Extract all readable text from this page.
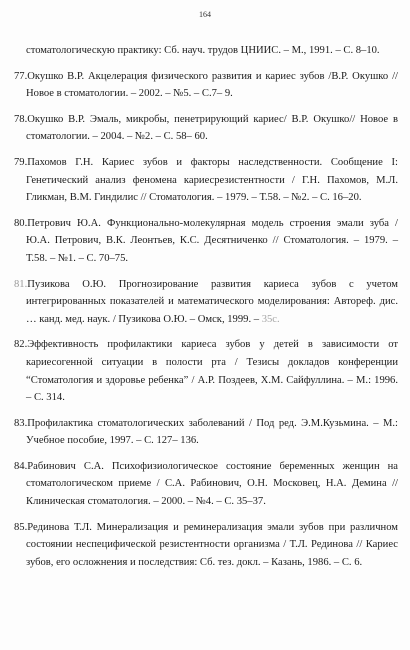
164

стоматологическую практику: Сб. науч. трудов ЦНИИС. – М., 1991. – С. 8–10.

77.Окушко В.Р. Акцелерация физического развития и кариес зубов /В.Р. Окушко // Новое в стоматологии. – 2002. – №5. – С.7– 9.

78.Окушко В.Р. Эмаль, микробы, пенетрирующий кариес/ В.Р. Окушко// Новое в стоматологии. – 2004. – №2. – С. 58– 60.

79.Пахомов Г.Н. Кариес зубов и факторы наследственности. Сообщение I: Генетический анализ феномена кариесрезистентности / Г.Н. Пахомов, М.Л. Гликман, В.М. Гиндилис // Стоматология. – 1979. – Т.58. – №2. – С. 16–20.

80.Петрович Ю.А. Функционально-молекулярная модель строения эмали зуба / Ю.А. Петрович, В.К. Леонтьев, К.С. Десятниченко // Стоматология. – 1979. – Т.58. – №1. – С. 70–75.

81.Пузикова О.Ю. Прогнозирование развития кариеса зубов с учетом интегрированных показателей и математического моделирования: Автореф. дис. … канд. мед. наук. / Пузикова О.Ю. – Омск, 1999. – 35с.

82.Эффективность профилактики кариеса зубов у детей в зависимости от кариесогенной ситуации в полости рта / Тезисы докладов конференции “Стоматология и здоровье ребенка” / А.Р. Поздеев, Х.М. Сайфуллина. – М.: 1996. – С. 314.

83.Профилактика стоматологических заболеваний / Под ред. Э.М.Кузьмина. – М.: Учебное пособие, 1997. – С. 127– 136.

84.Рабинович С.А. Психофизиологическое состояние беременных женщин на стоматологическом приеме / С.А. Рабинович, О.Н. Московец, Н.А. Демина // Клиническая стоматология. – 2000. – №4. – С. 35–37.

85.Рединова Т.Л. Минерализация и реминерализация эмали зубов при различном состоянии неспецифической резистентности организма / Т.Л. Рединова // Кариес зубов, его осложнения и последствия: Сб. тез. докл. – Казань, 1986. – С. 6.
